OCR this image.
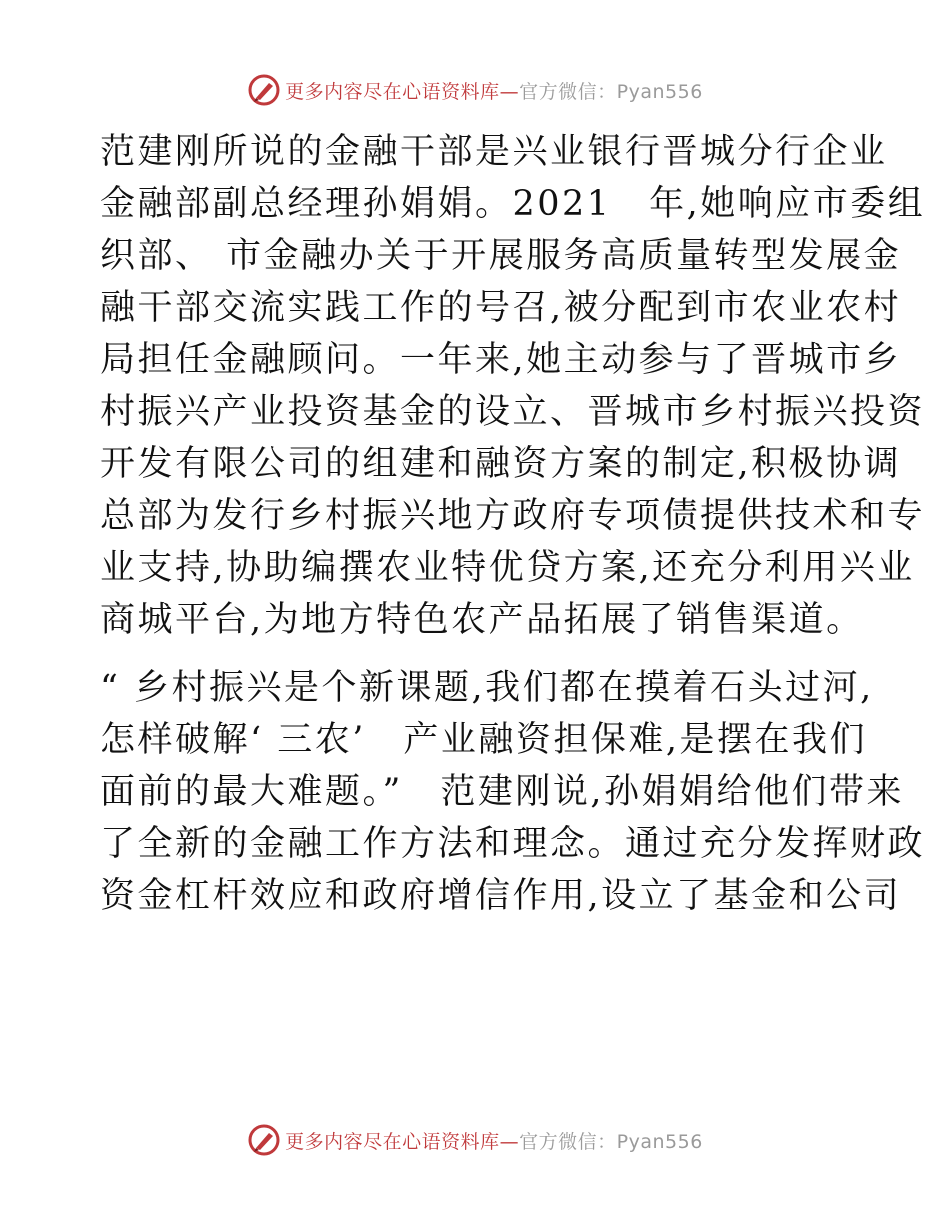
更多内容尽在心语资料库—官方微信：Pyan556
范建刚所说的金融干部是兴业银行晋城分行企业
金融部副总经理孙娟娟。2021　年,她响应市委组
织部、 市金融办关于开展服务高质量转型发展金
融干部交流实践工作的号召,被分配到市农业农村
局担任金融顾问。一年来,她主动参与了晋城市乡
村振兴产业投资基金的设立、晋城市乡村振兴投资
开发有限公司的组建和融资方案的制定,积极协调
总部为发行乡村振兴地方政府专项债提供技术和专
业支持,协助编撰农业特优贷方案,还充分利用兴业
商城平台,为地方特色农产品拓展了销售渠道。
“ 乡村振兴是个新课题,我们都在摸着石头过河,
怎样破解‘ 三农’　产业融资担保难,是摆在我们
面前的最大难题。”　范建刚说,孙娟娟给他们带来
了全新的金融工作方法和理念。通过充分发挥财政
资金杠杆效应和政府增信作用,设立了基金和公司
更多内容尽在心语资料库—官方微信：Pyan556
